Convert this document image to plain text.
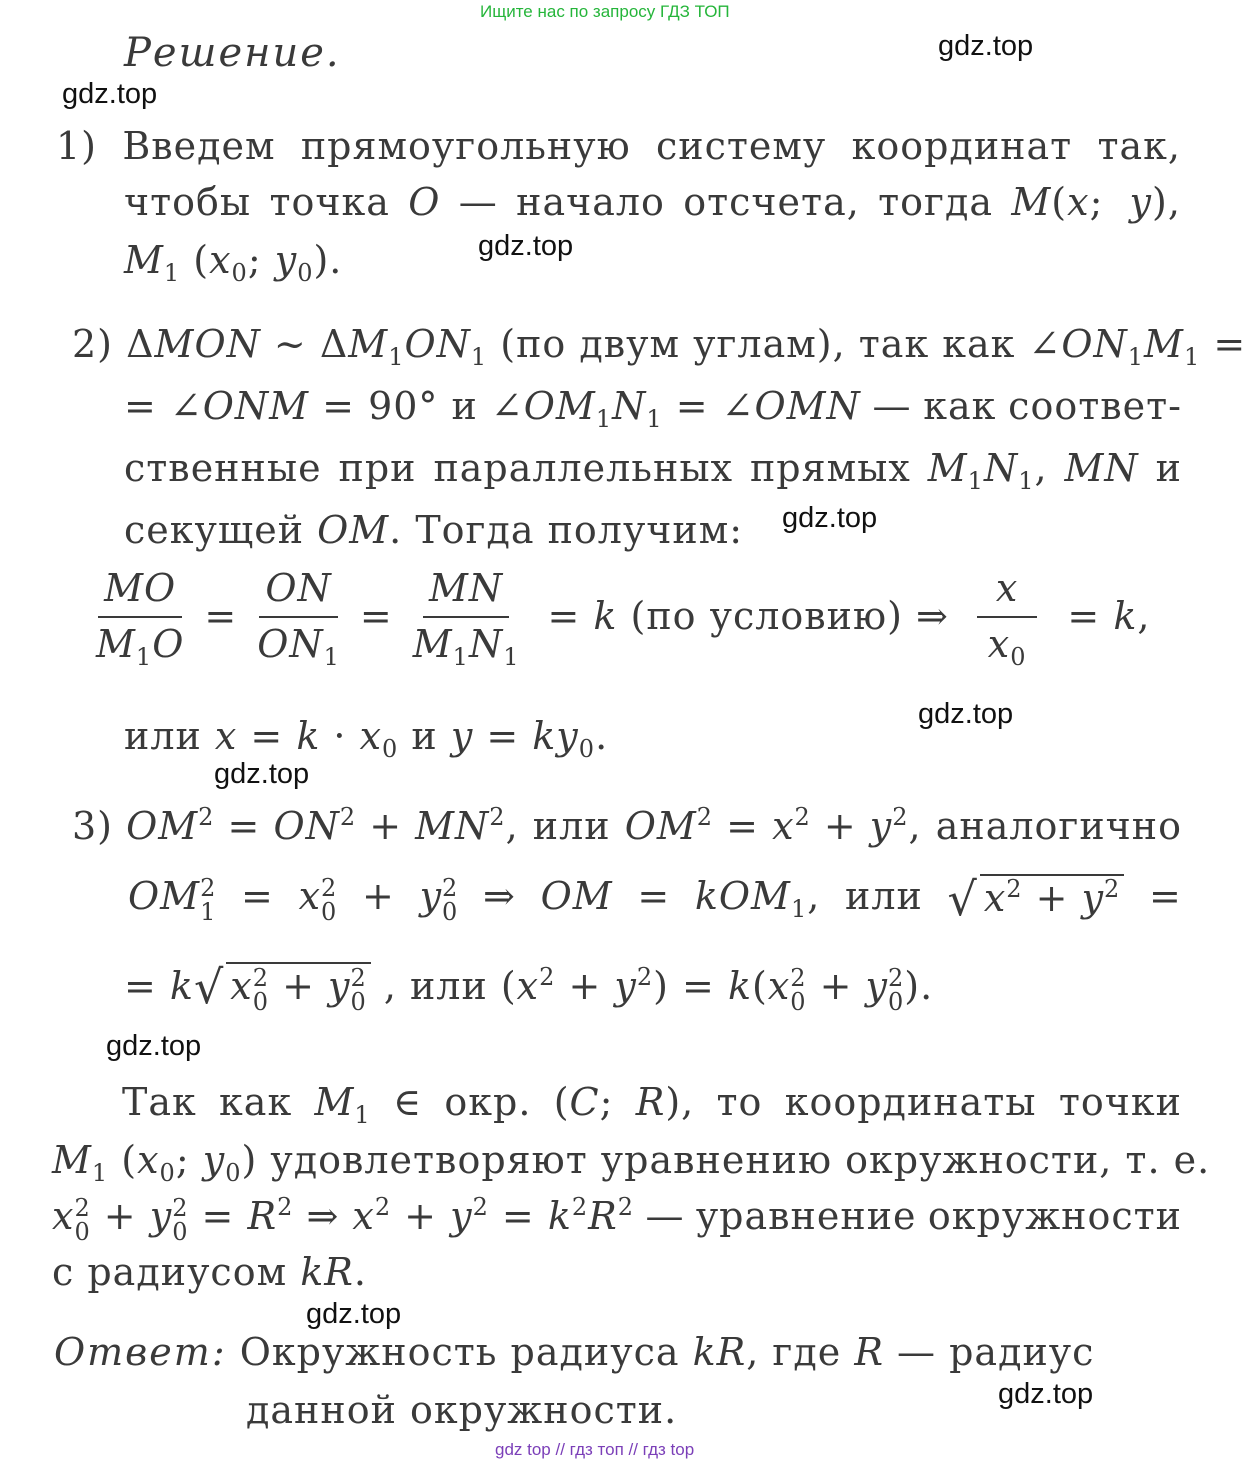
Ищите нас по запросу ГДЗ ТОП
gdz.top
gdz.top
gdz.top
gdz.top
gdz.top
gdz.top
gdz.top
gdz.top
gdz.top
Решение.
1) Введем прямоугольную систему координат так,
чтобы точка O — начало отсчета, тогда M(x;  y),
$M_1$ ($x_0$; $y_0$).
2) ΔMON ~ $\Delta M_1ON_1$ (по двум углам), так как $\angle ON_1M_1$ =
= ∠ONM = 90° и $\angle OM_1N_1$ = ∠OMN — как соответ-
ственные при параллельных прямых $M_1N_1$, MN и
секущей OM. Тогда получим:
$\frac{MO}{M_1O} = \frac{ON}{ON_1} = \frac{MN}{M_1N_1} = k$ (по условию) ⇒ $\frac{x}{x_0} = k$,
или $x = k \cdot x_0$ и $y = ky_0$.
3) $OM^2 = ON^2 + MN^2$, или $OM^2 = x^2 + y^2$, аналогично
OM 2
1 = x 2
0 + y 2
0 ⇒ OM = kOM$_1$, или √ $x^2 + y^2$ =
= k√ x 2
0 + y 2
0 , или $(x^2 + y^2) = k(x$ 2
0 + y 2
0 ).
Так как $M_1$ ∈ окр. (C; R), то координаты точки
$M_1$ ($x_0$; $y_0$) удовлетворяют уравнению окружности, т. е.
x 2
0 + y 2
$0 = R^2$ ⇒ $x^2 + y^2 = k^2R^2$ — уравнение окружности
с радиусом kR.
Ответ: Окружность радиуса kR, где R — радиус
данной окружности.
gdz top // гдз топ // гдз top
